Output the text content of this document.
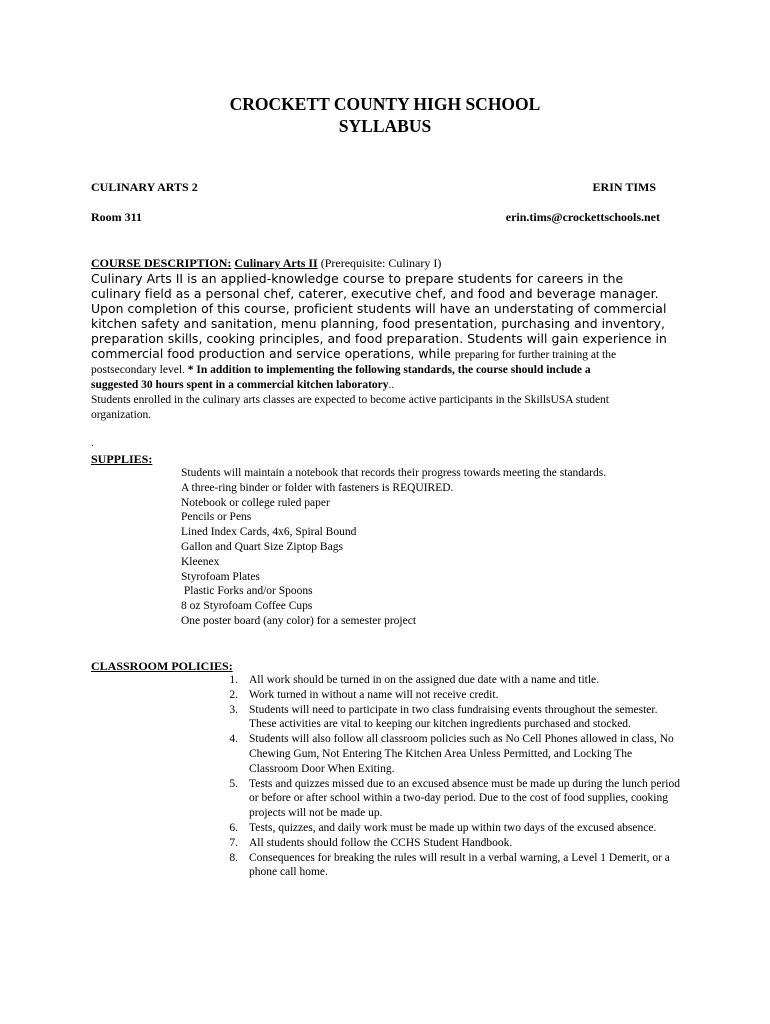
CROCKETT COUNTY HIGH SCHOOL
SYLLABUS
CULINARY ARTS 2	ERIN TIMS
Room 311	erin.tims@crockettschools.net
COURSE DESCRIPTION: Culinary Arts II (Prerequisite: Culinary I)
Culinary Arts II is an applied-knowledge course to prepare students for careers in the
culinary field as a personal chef, caterer, executive chef, and food and beverage manager.
Upon completion of this course, proficient students will have an understating of commercial
kitchen safety and sanitation, menu planning, food presentation, purchasing and inventory,
preparation skills, cooking principles, and food preparation. Students will gain experience in
commercial food production and service operations, while preparing for further training at the
postsecondary level. * In addition to implementing the following standards, the course should include a
suggested 30 hours spent in a commercial kitchen laboratory..
Students enrolled in the culinary arts classes are expected to become active participants in the SkillsUSA student
organization.
.
SUPPLIES:
Students will maintain a notebook that records their progress towards meeting the standards.
A three-ring binder or folder with fasteners is REQUIRED.
Notebook or college ruled paper
Pencils or Pens
Lined Index Cards, 4x6, Spiral Bound
Gallon and Quart Size Ziptop Bags
Kleenex
Styrofoam Plates
Plastic Forks and/or Spoons
8 oz Styrofoam Coffee Cups
One poster board (any color) for a semester project
CLASSROOM POLICIES:
1. All work should be turned in on the assigned due date with a name and title.
2. Work turned in without a name will not receive credit.
3. Students will need to participate in two class fundraising events throughout the semester. These activities are vital to keeping our kitchen ingredients purchased and stocked.
4. Students will also follow all classroom policies such as No Cell Phones allowed in class, No Chewing Gum, Not Entering The Kitchen Area Unless Permitted, and Locking The Classroom Door When Exiting.
5. Tests and quizzes missed due to an excused absence must be made up during the lunch period or before or after school within a two-day period. Due to the cost of food supplies, cooking projects will not be made up.
6. Tests, quizzes, and daily work must be made up within two days of the excused absence.
7. All students should follow the CCHS Student Handbook.
8. Consequences for breaking the rules will result in a verbal warning, a Level 1 Demerit, or a phone call home.
